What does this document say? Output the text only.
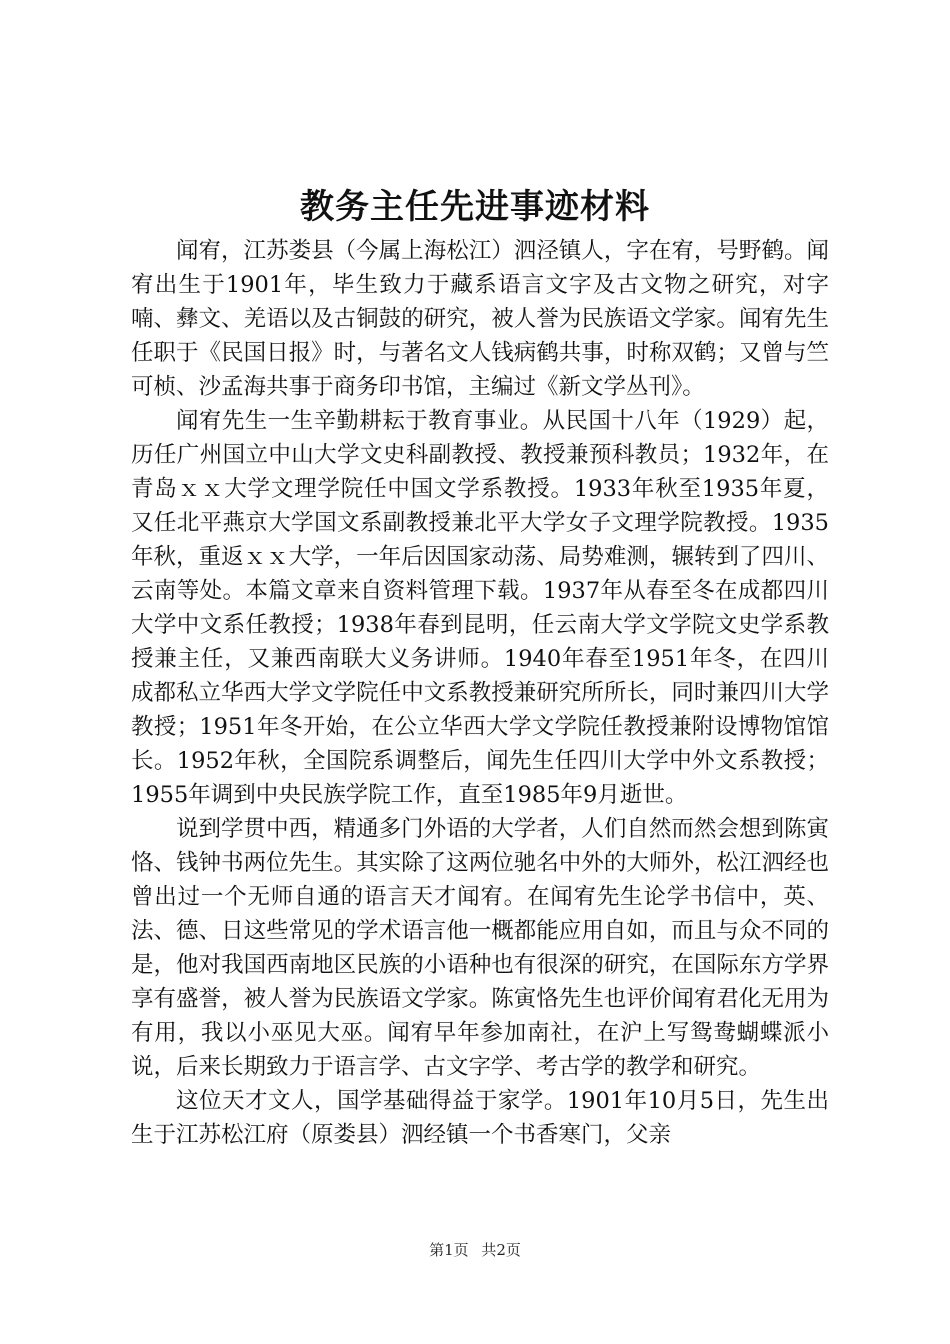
教务主任先进事迹材料

闻宥，江苏娄县（今属上海松江）泗泾镇人，字在宥，号野鹤。闻宥出生于1901年，毕生致力于藏系语言文字及古文物之研究，对字喃、彝文、羌语以及古铜鼓的研究，被人誉为民族语文学家。闻宥先生任职于《民国日报》时，与著名文人钱病鹤共事，时称双鹤；又曾与竺可桢、沙孟海共事于商务印书馆，主编过《新文学丛刊》。

闻宥先生一生辛勤耕耘于教育事业。从民国十八年（1929）起，历任广州国立中山大学文史科副教授、教授兼预科教员；1932年，在青岛ｘｘ大学文理学院任中国文学系教授。1933年秋至1935年夏，又任北平燕京大学国文系副教授兼北平大学女子文理学院教授。1935年秋，重返ｘｘ大学，一年后因国家动荡、局势难测，辗转到了四川、云南等处。本篇文章来自资料管理下载。1937年从春至冬在成都四川大学中文系任教授；1938年春到昆明，任云南大学文学院文史学系教授兼主任，又兼西南联大义务讲师。1940年春至1951年冬，在四川成都私立华西大学文学院任中文系教授兼研究所所长，同时兼四川大学教授；1951年冬开始，在公立华西大学文学院任教授兼附设博物馆馆长。1952年秋，全国院系调整后，闻先生任四川大学中外文系教授；1955年调到中央民族学院工作，直至1985年9月逝世。

说到学贯中西，精通多门外语的大学者，人们自然而然会想到陈寅恪、钱钟书两位先生。其实除了这两位驰名中外的大师外，松江泗经也曾出过一个无师自通的语言天才闻宥。在闻宥先生论学书信中，英、法、德、日这些常见的学术语言他一概都能应用自如，而且与众不同的是，他对我国西南地区民族的小语种也有很深的研究，在国际东方学界享有盛誉，被人誉为民族语文学家。陈寅恪先生也评价闻宥君化无用为有用，我以小巫见大巫。闻宥早年参加南社，在沪上写鸳鸯蝴蝶派小说，后来长期致力于语言学、古文字学、考古学的教学和研究。

这位天才文人，国学基础得益于家学。1901年10月5日，先生出生于江苏松江府（原娄县）泗经镇一个书香寒门，父亲

第1页 共2页
